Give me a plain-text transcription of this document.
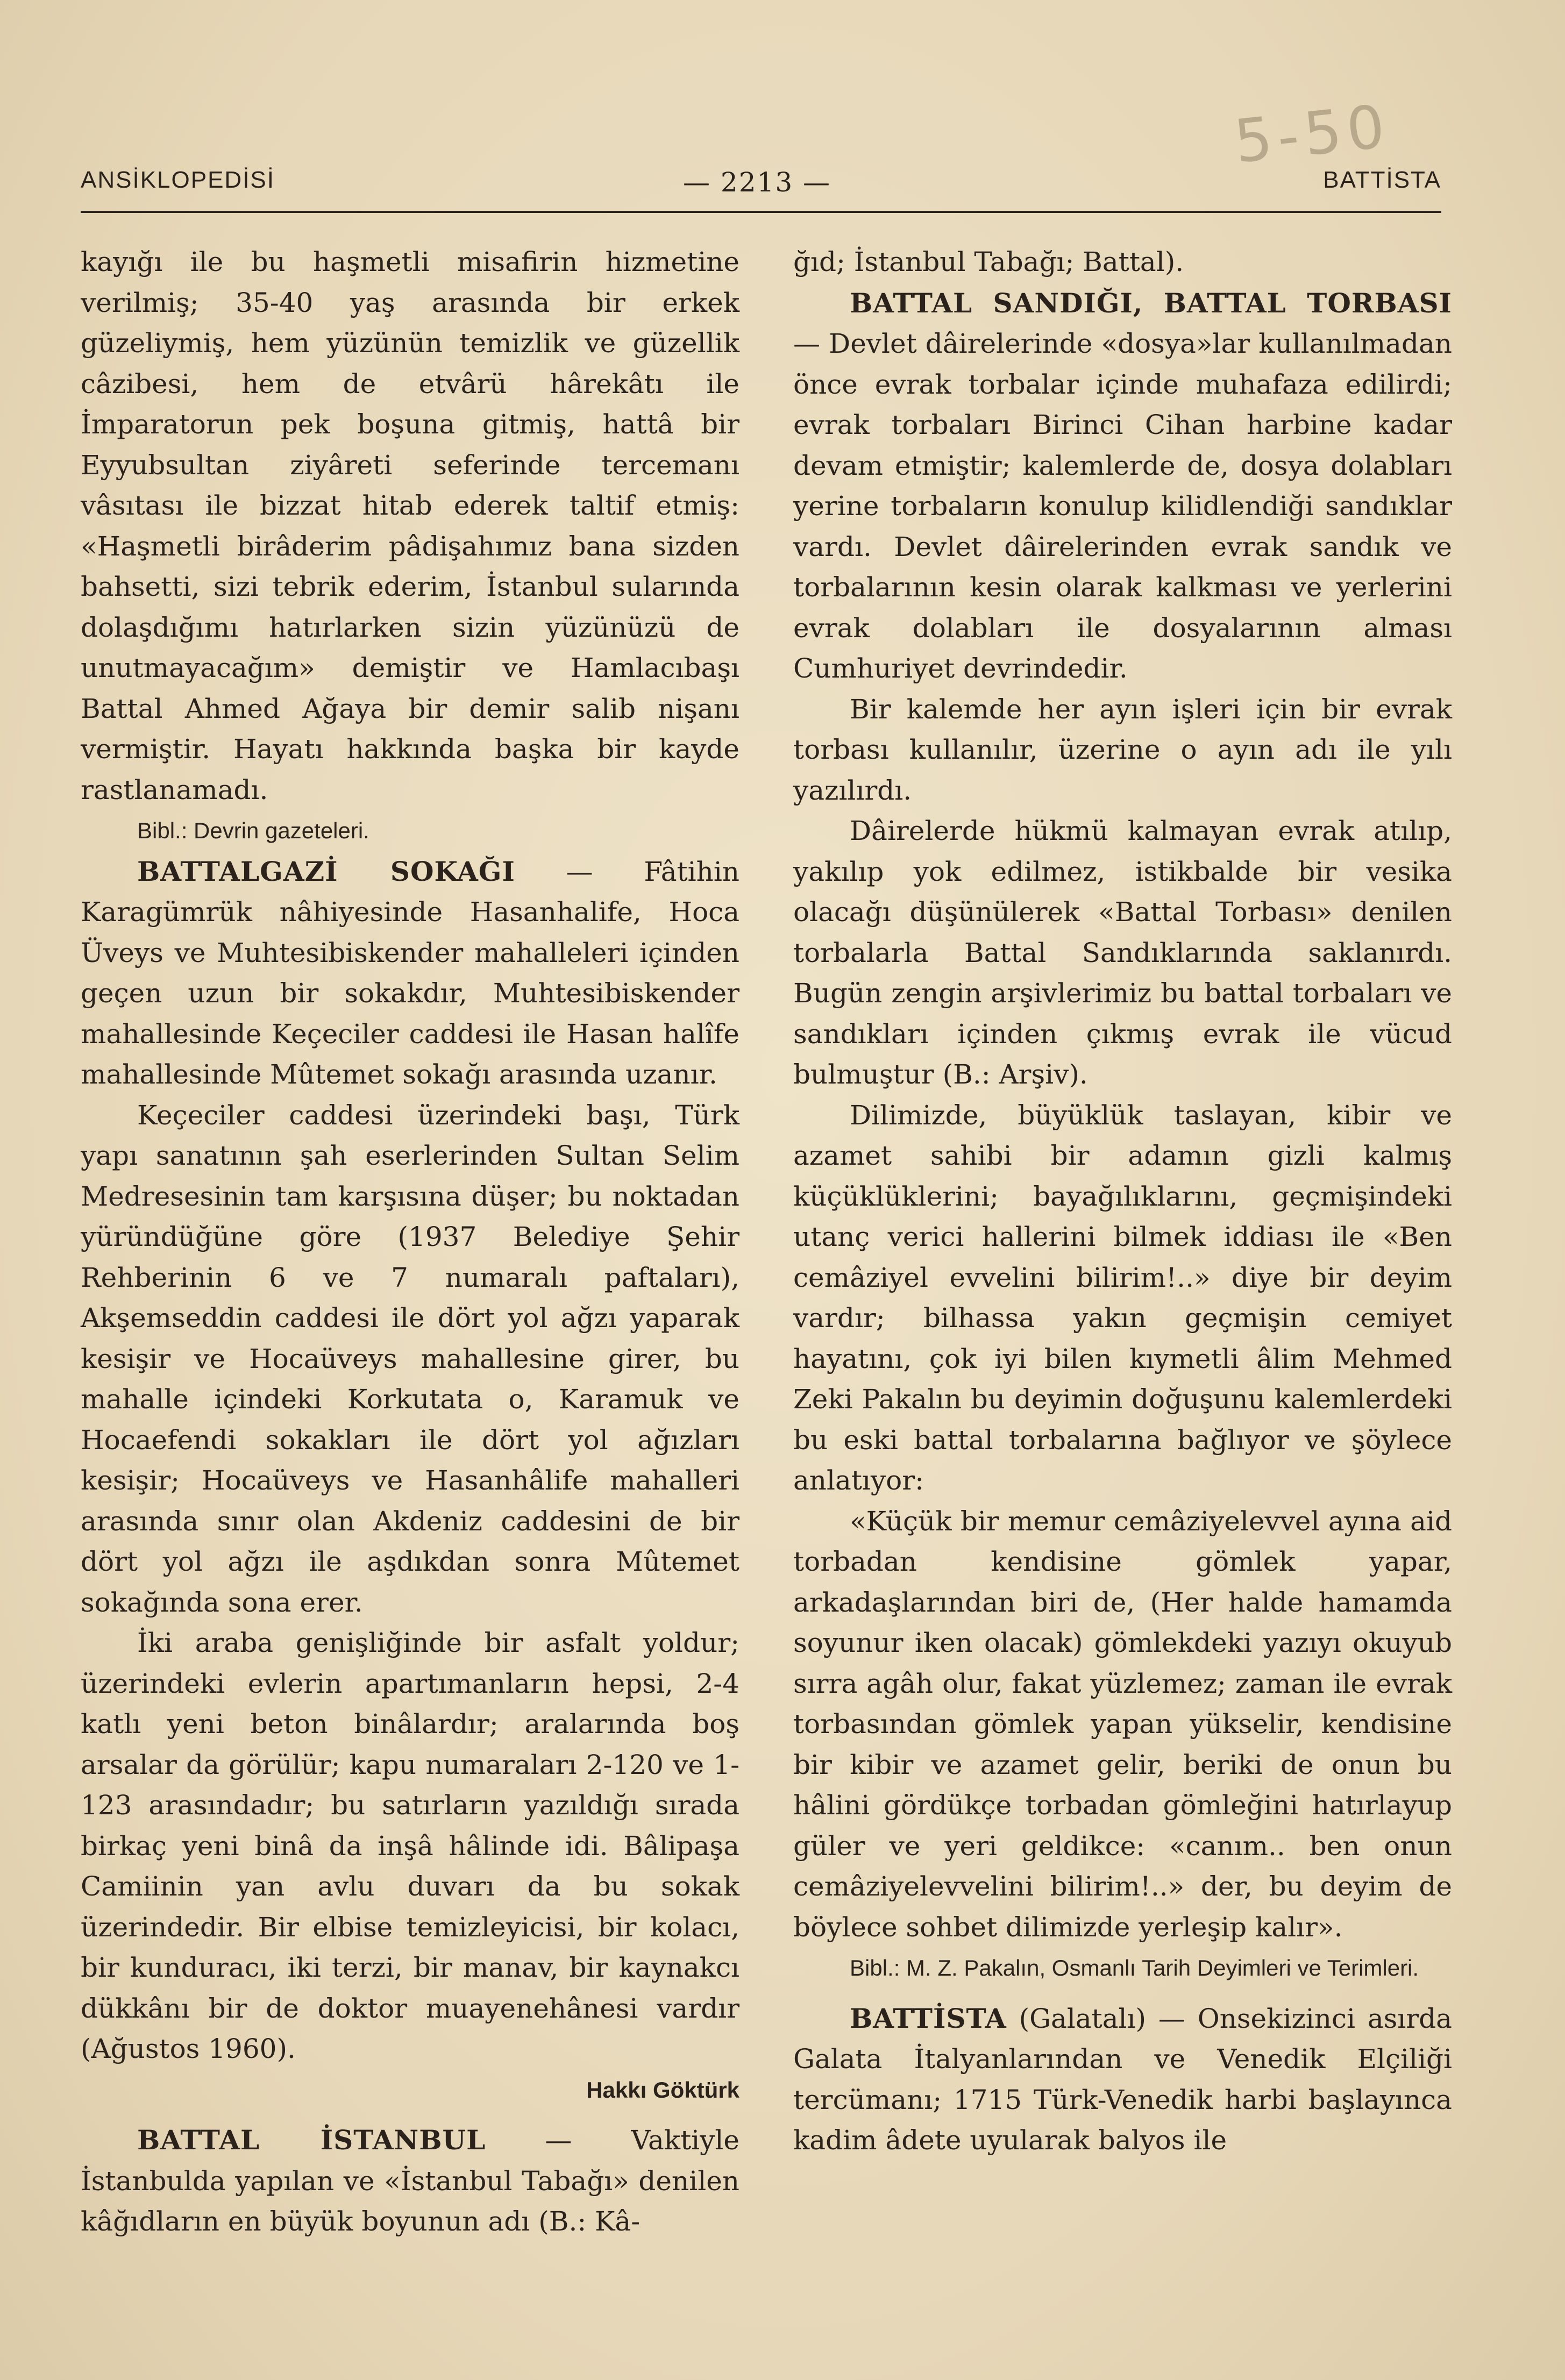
5-50
ANSİKLOPEDİSİ	— 2213 —	BATTİSTA

kayığı ile bu haşmetli misafirin hizmetine verilmiş; 35-40 yaş arasında bir erkek güzeliymiş, hem yüzünün temizlik ve güzellik câzibesi, hem de etvârü hârekâtı ile İmparatorun pek boşuna gitmiş, hattâ bir Eyyubsultan ziyâreti seferinde tercemanı vâsıtası ile bizzat hitab ederek taltif etmiş: «Haşmetli birâderim pâdişahımız bana sizden bahsetti, sizi tebrik ederim, İstanbul sularında dolaşdığımı hatırlarken sizin yüzünüzü de unutmayacağım» demiştir ve Hamlacıbaşı Battal Ahmed Ağaya bir demir salib nişanı vermiştir. Hayatı hakkında başka bir kayde rastlanamadı.

Bibl.: Devrin gazeteleri.

BATTALGAZİ SOKAĞI — Fâtihin Karagümrük nâhiyesinde Hasanhalife, Hoca Üveys ve Muhtesibiskender mahalleleri içinden geçen uzun bir sokakdır, Muhtesibiskender mahallesinde Keçeciler caddesi ile Hasan halîfe mahallesinde Mûtemet sokağı arasında uzanır.

Keçeciler caddesi üzerindeki başı, Türk yapı sanatının şah eserlerinden Sultan Selim Medresesinin tam karşısına düşer; bu noktadan yüründüğüne göre (1937 Belediye Şehir Rehberinin 6 ve 7 numaralı paftaları), Akşemseddin caddesi ile dört yol ağzı yaparak kesişir ve Hocaüveys mahallesine girer, bu mahalle içindeki Korkutata o, Karamuk ve Hocaefendi sokakları ile dört yol ağızları kesişir; Hocaüveys ve Hasanhâlife mahalleri arasında sınır olan Akdeniz caddesini de bir dört yol ağzı ile aşdıkdan sonra Mûtemet sokağında sona erer.

İki araba genişliğinde bir asfalt yoldur; üzerindeki evlerin apartımanların hepsi, 2-4 katlı yeni beton binâlardır; aralarında boş arsalar da görülür; kapu numaraları 2-120 ve 1-123 arasındadır; bu satırların yazıldığı sırada birkaç yeni binâ da inşâ hâlinde idi. Bâlipaşa Camiinin yan avlu duvarı da bu sokak üzerindedir. Bir elbise temizleyicisi, bir kolacı, bir kunduracı, iki terzi, bir manav, bir kaynakcı dükkânı bir de doktor muayenehânesi vardır (Ağustos 1960).

Hakkı Göktürk

BATTAL İSTANBUL — Vaktiyle İstanbulda yapılan ve «İstanbul Tabağı» denilen kâğıdların en büyük boyunun adı (B.: Kâ-

ğıd; İstanbul Tabağı; Battal).

BATTAL SANDIĞI, BATTAL TORBASI — Devlet dâirelerinde «dosya»lar kullanılmadan önce evrak torbalar içinde muhafaza edilirdi; evrak torbaları Birinci Cihan harbine kadar devam etmiştir; kalemlerde de, dosya dolabları yerine torbaların konulup kilidlendiği sandıklar vardı. Devlet dâirelerinden evrak sandık ve torbalarının kesin olarak kalkması ve yerlerini evrak dolabları ile dosyalarının alması Cumhuriyet devrindedir.

Bir kalemde her ayın işleri için bir evrak torbası kullanılır, üzerine o ayın adı ile yılı yazılırdı.

Dâirelerde hükmü kalmayan evrak atılıp, yakılıp yok edilmez, istikbalde bir vesika olacağı düşünülerek «Battal Torbası» denilen torbalarla Battal Sandıklarında saklanırdı. Bugün zengin arşivlerimiz bu battal torbaları ve sandıkları içinden çıkmış evrak ile vücud bulmuştur (B.: Arşiv).

Dilimizde, büyüklük taslayan, kibir ve azamet sahibi bir adamın gizli kalmış küçüklüklerini; bayağılıklarını, geçmişindeki utanç verici hallerini bilmek iddiası ile «Ben cemâziyel evvelini bilirim!..» diye bir deyim vardır; bilhassa yakın geçmişin cemiyet hayatını, çok iyi bilen kıymetli âlim Mehmed Zeki Pakalın bu deyimin doğuşunu kalemlerdeki bu eski battal torbalarına bağlıyor ve şöylece anlatıyor:

«Küçük bir memur cemâziyelevvel ayına aid torbadan kendisine gömlek yapar, arkadaşlarından biri de, (Her halde hamamda soyunur iken olacak) gömlekdeki yazıyı okuyub sırra agâh olur, fakat yüzlemez; zaman ile evrak torbasından gömlek yapan yükselir, kendisine bir kibir ve azamet gelir, beriki de onun bu hâlini gördükçe torbadan gömleğini hatırlayup güler ve yeri geldikce: «canım.. ben onun cemâziyelevvelini bilirim!..» der, bu deyim de böylece sohbet dilimizde yerleşip kalır».

Bibl.: M. Z. Pakalın, Osmanlı Tarih Deyimleri ve Terimleri.

BATTİSTA (Galatalı) — Onsekizinci asırda Galata İtalyanlarından ve Venedik Elçiliği tercümanı; 1715 Türk-Venedik harbi başlayınca kadim âdete uyularak balyos ile
